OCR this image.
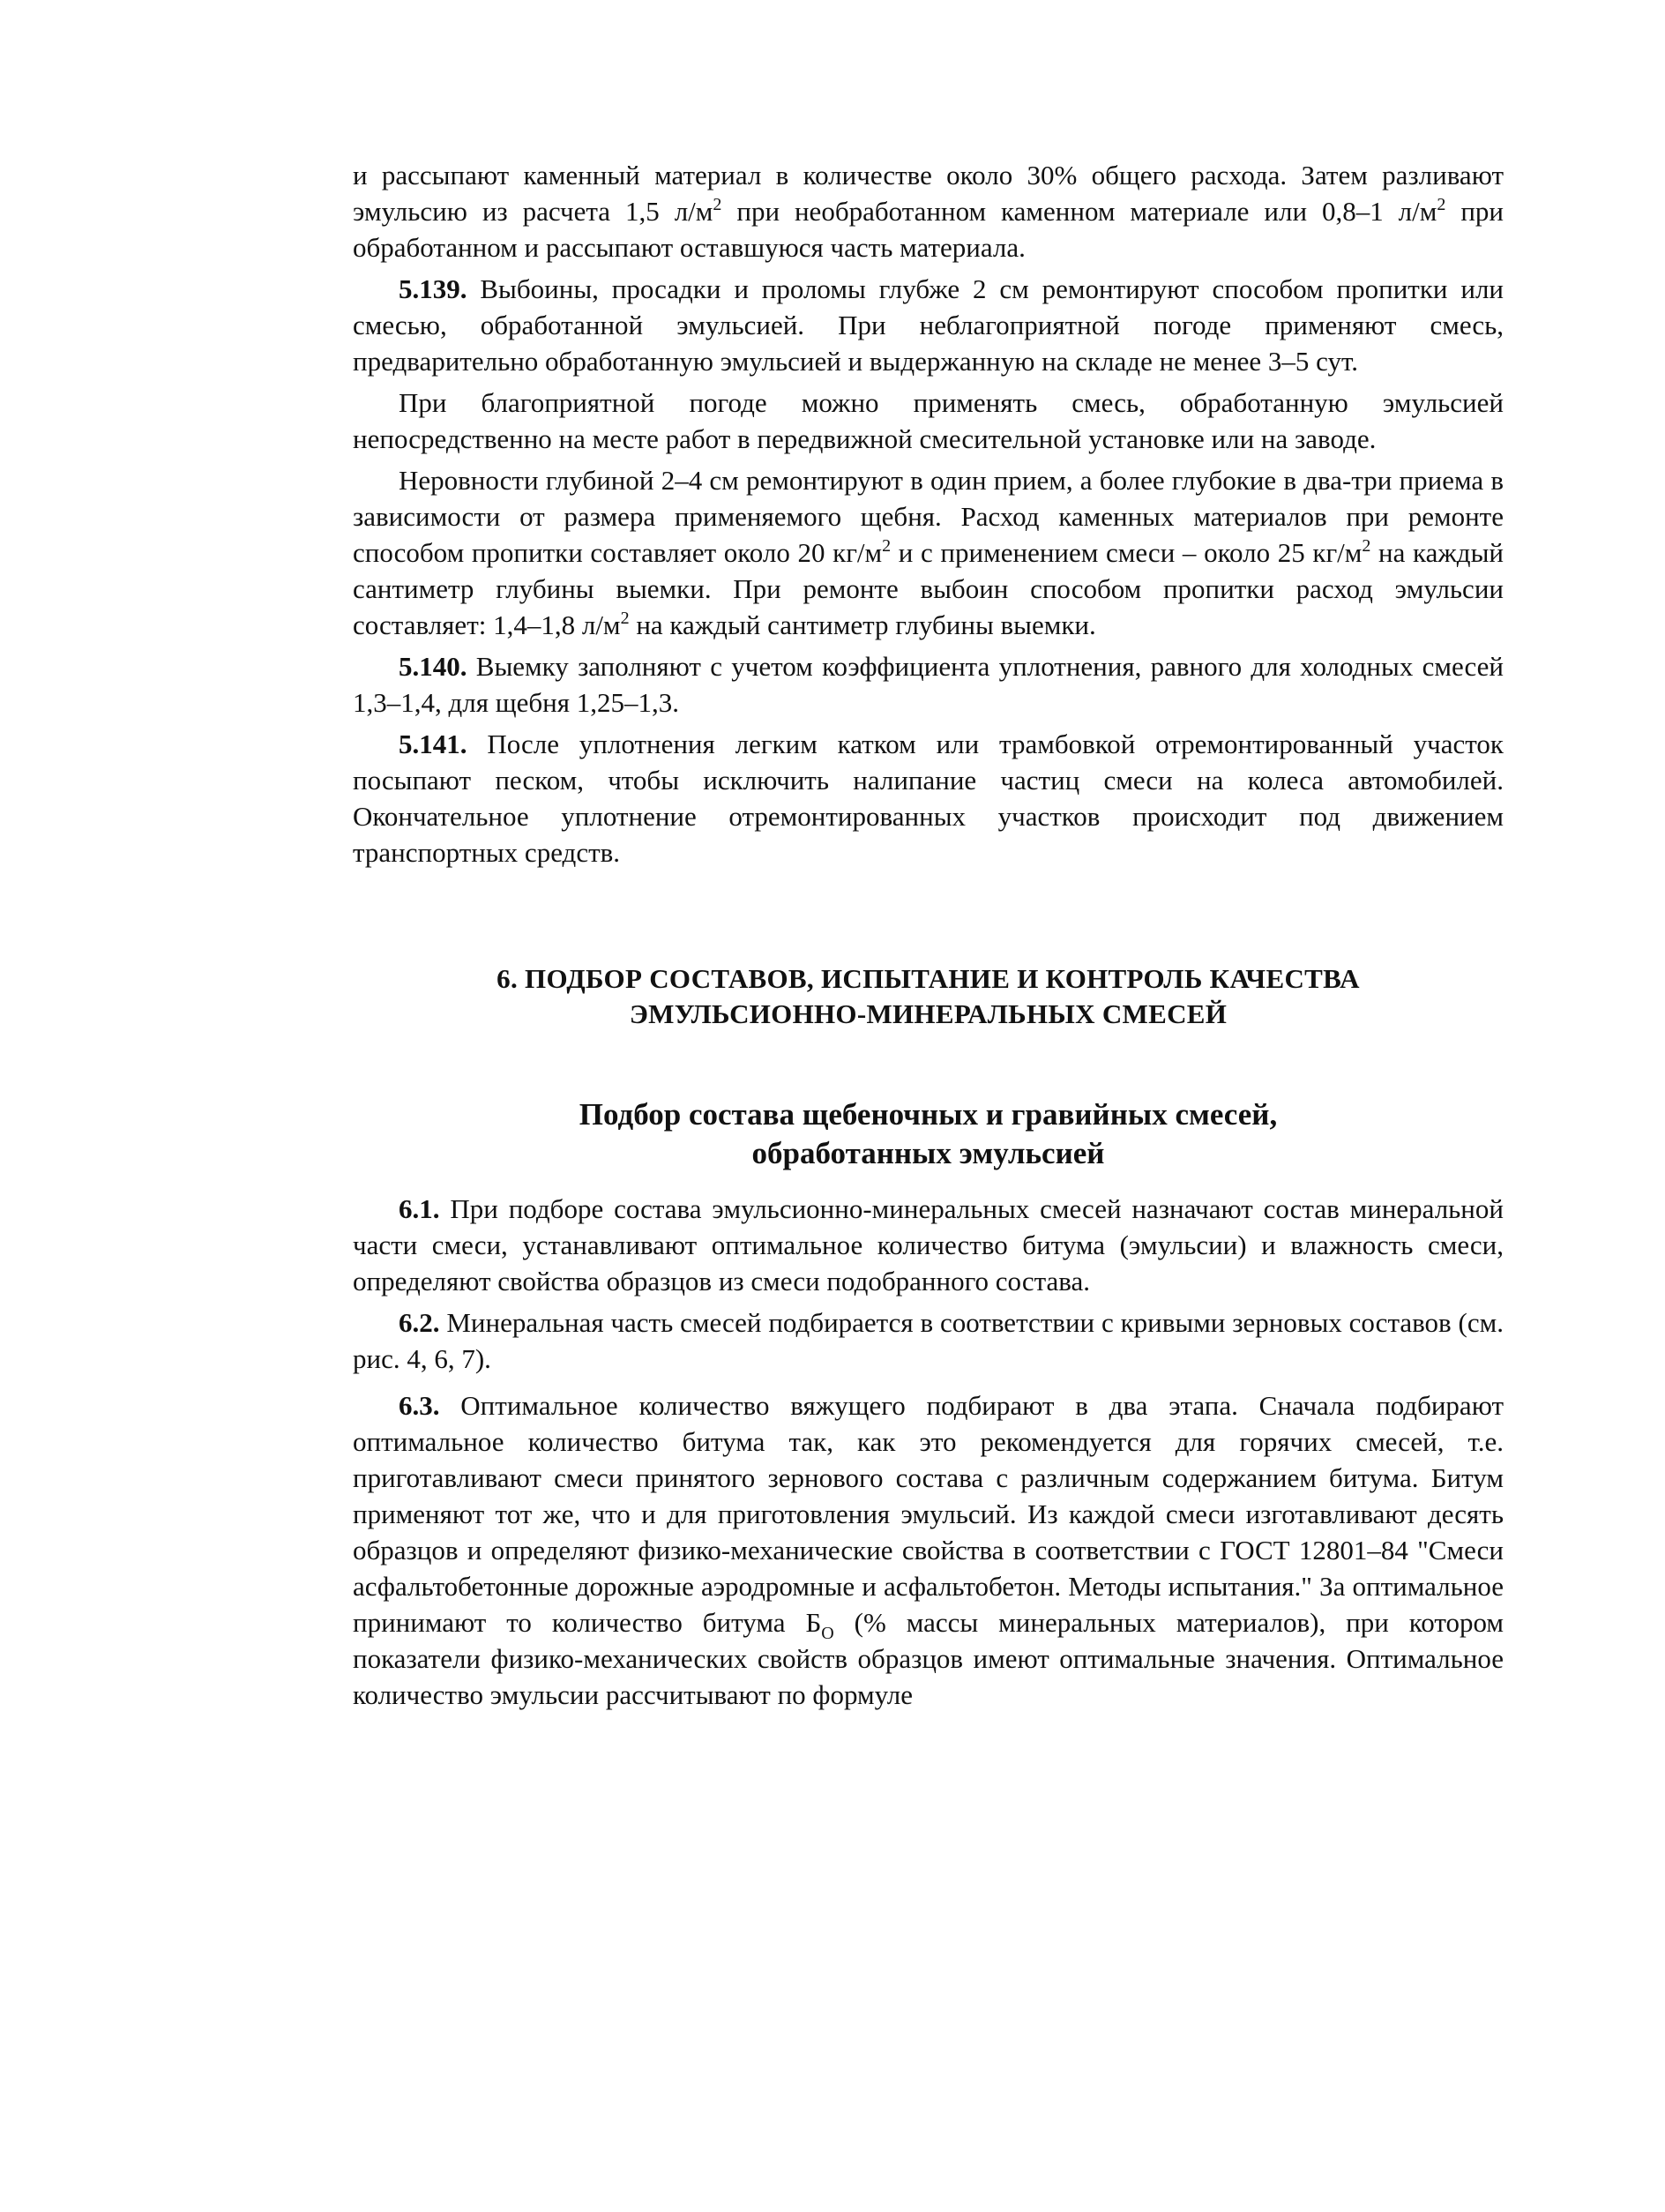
и рассыпают каменный материал в количестве около 30% общего расхода. Затем разливают эмульсию из расчета 1,5 $л/м^2$ при необработанном каменном материале или 0,8–1 $л/м^2$ при обработанном и рассыпают оставшуюся часть материала.

5.139. Выбоины, просадки и проломы глубже 2 см ремонтируют способом пропитки или смесью, обработанной эмульсией. При неблагоприятной погоде применяют смесь, предварительно обработанную эмульсией и выдержанную на складе не менее 3–5 сут.

При благоприятной погоде можно применять смесь, обработанную эмульсией непосредственно на месте работ в передвижной смесительной установке или на заводе.

Неровности глубиной 2–4 см ремонтируют в один прием, а более глубокие в два-три приема в зависимости от размера применяемого щебня. Расход каменных материалов при ремонте способом пропитки составляет около 20 $кг/м^2$ и с применением смеси – около 25 $кг/м^2$ на каждый сантиметр глубины выемки. При ремонте выбоин способом пропитки расход эмульсии составляет: 1,4–1,8 $л/м^2$ на каждый сантиметр глубины выемки.

5.140. Выемку заполняют с учетом коэффициента уплотнения, равного для холодных смесей 1,3–1,4, для щебня 1,25–1,3.

5.141. После уплотнения легким катком или трамбовкой отремонтированный участок посыпают песком, чтобы исключить налипание частиц смеси на колеса автомобилей. Окончательное уплотнение отремонтированных участков происходит под движением транспортных средств.

6. ПОДБОР СОСТАВОВ, ИСПЫТАНИЕ И КОНТРОЛЬ КАЧЕСТВА
ЭМУЛЬСИОННО-МИНЕРАЛЬНЫХ СМЕСЕЙ
Подбор состава щебеночных и гравийных смесей,
обработанных эмульсией

6.1. При подборе состава эмульсионно-минеральных смесей назначают состав минеральной части смеси, устанавливают оптимальное количество битума (эмульсии) и влажность смеси, определяют свойства образцов из смеси подобранного состава.

6.2. Минеральная часть смесей подбирается в соответствии с кривыми зерновых составов (см. рис. 4, 6, 7).

6.3. Оптимальное количество вяжущего подбирают в два этапа. Сначала подбирают оптимальное количество битума так, как это рекомендуется для горячих смесей, т.е. приготавливают смеси принятого зернового состава с различным содержанием битума. Битум применяют тот же, что и для приготовления эмульсий. Из каждой смеси изготавливают десять образцов и определяют физико-механические свойства в соответствии с ГОСТ 12801–84 "Смеси асфальтобетонные дорожные аэродромные и асфальтобетон. Методы испытания." За оптимальное принимают то количество битума $Б_О$ (% массы минеральных материалов), при котором показатели физико-механических свойств образцов имеют оптимальные значения. Оптимальное количество эмульсии рассчитывают по формуле
